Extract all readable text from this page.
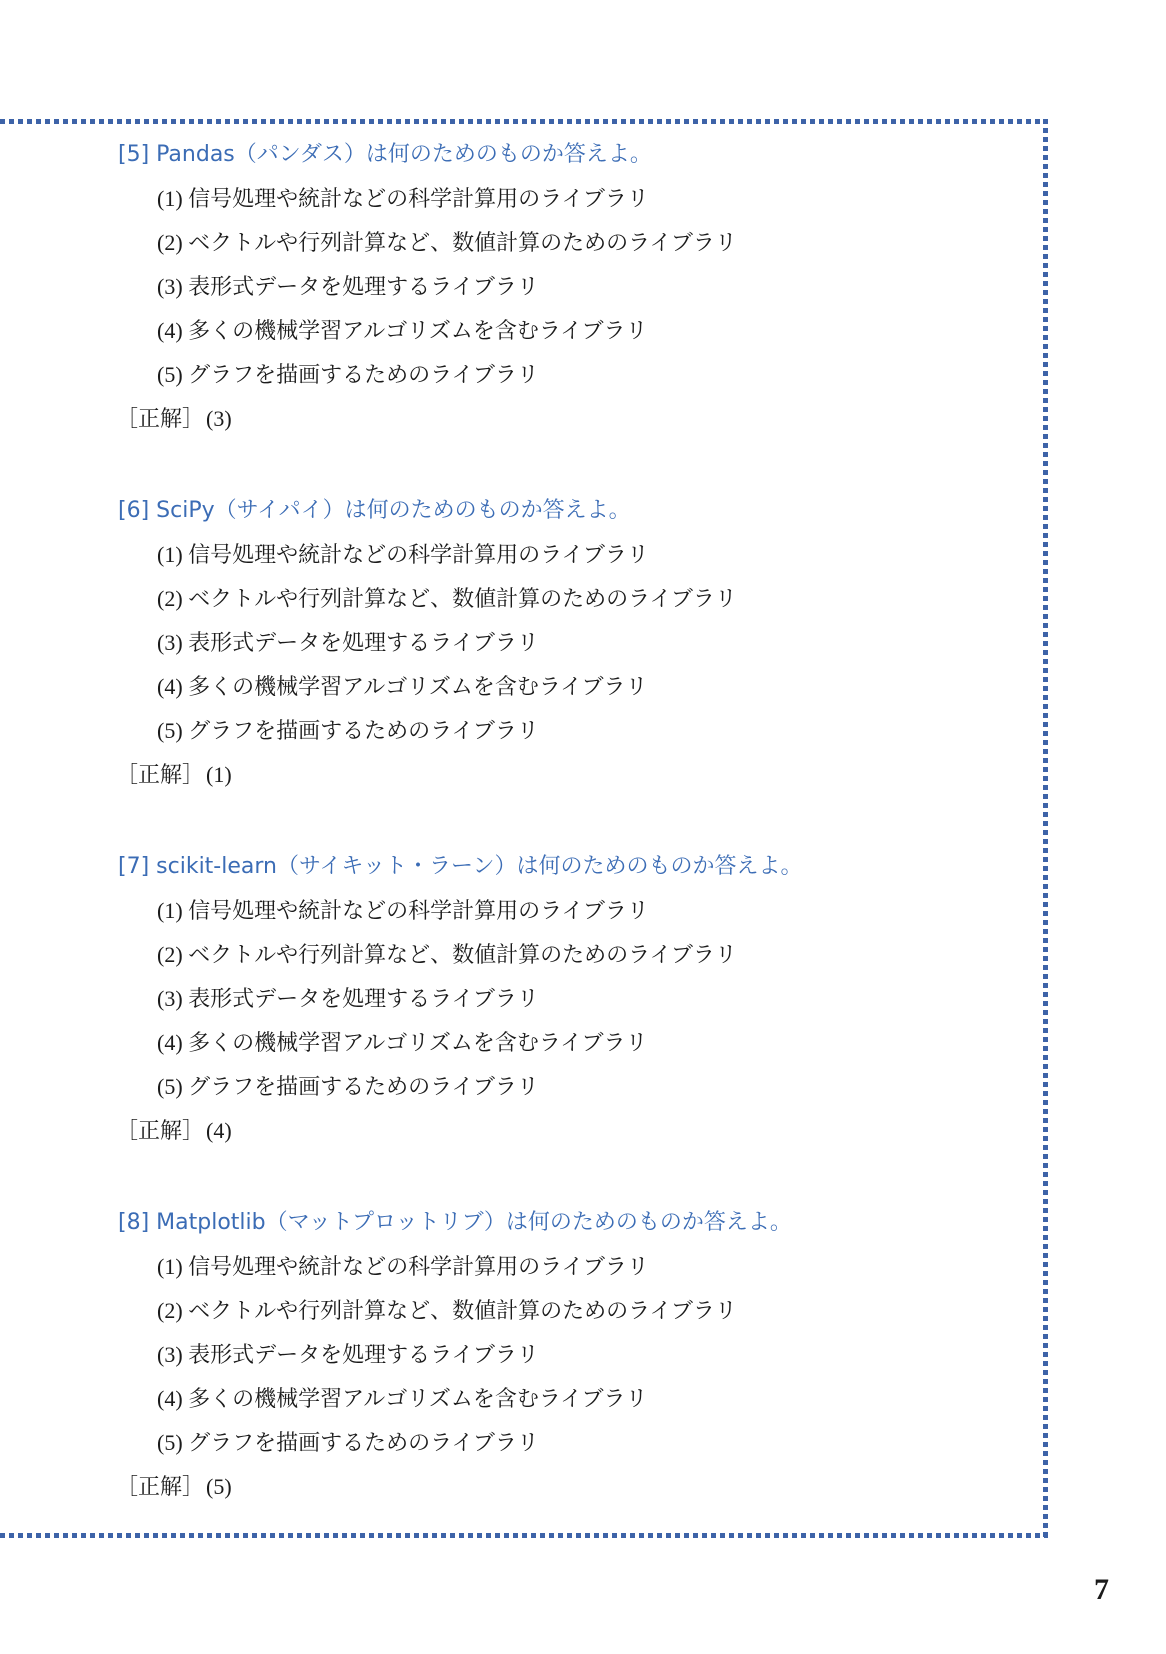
[5] Pandas（パンダス）は何のためのものか答えよ。
(1) 信号処理や統計などの科学計算用のライブラリ
(2) ベクトルや行列計算など、数値計算のためのライブラリ
(3) 表形式データを処理するライブラリ
(4) 多くの機械学習アルゴリズムを含むライブラリ
(5) グラフを描画するためのライブラリ
［正解］(3)
[6] SciPy（サイパイ）は何のためのものか答えよ。
(1) 信号処理や統計などの科学計算用のライブラリ
(2) ベクトルや行列計算など、数値計算のためのライブラリ
(3) 表形式データを処理するライブラリ
(4) 多くの機械学習アルゴリズムを含むライブラリ
(5) グラフを描画するためのライブラリ
［正解］(1)
[7] scikit-learn（サイキット・ラーン）は何のためのものか答えよ。
(1) 信号処理や統計などの科学計算用のライブラリ
(2) ベクトルや行列計算など、数値計算のためのライブラリ
(3) 表形式データを処理するライブラリ
(4) 多くの機械学習アルゴリズムを含むライブラリ
(5) グラフを描画するためのライブラリ
［正解］(4)
[8] Matplotlib（マットプロットリブ）は何のためのものか答えよ。
(1) 信号処理や統計などの科学計算用のライブラリ
(2) ベクトルや行列計算など、数値計算のためのライブラリ
(3) 表形式データを処理するライブラリ
(4) 多くの機械学習アルゴリズムを含むライブラリ
(5) グラフを描画するためのライブラリ
［正解］(5)
7
